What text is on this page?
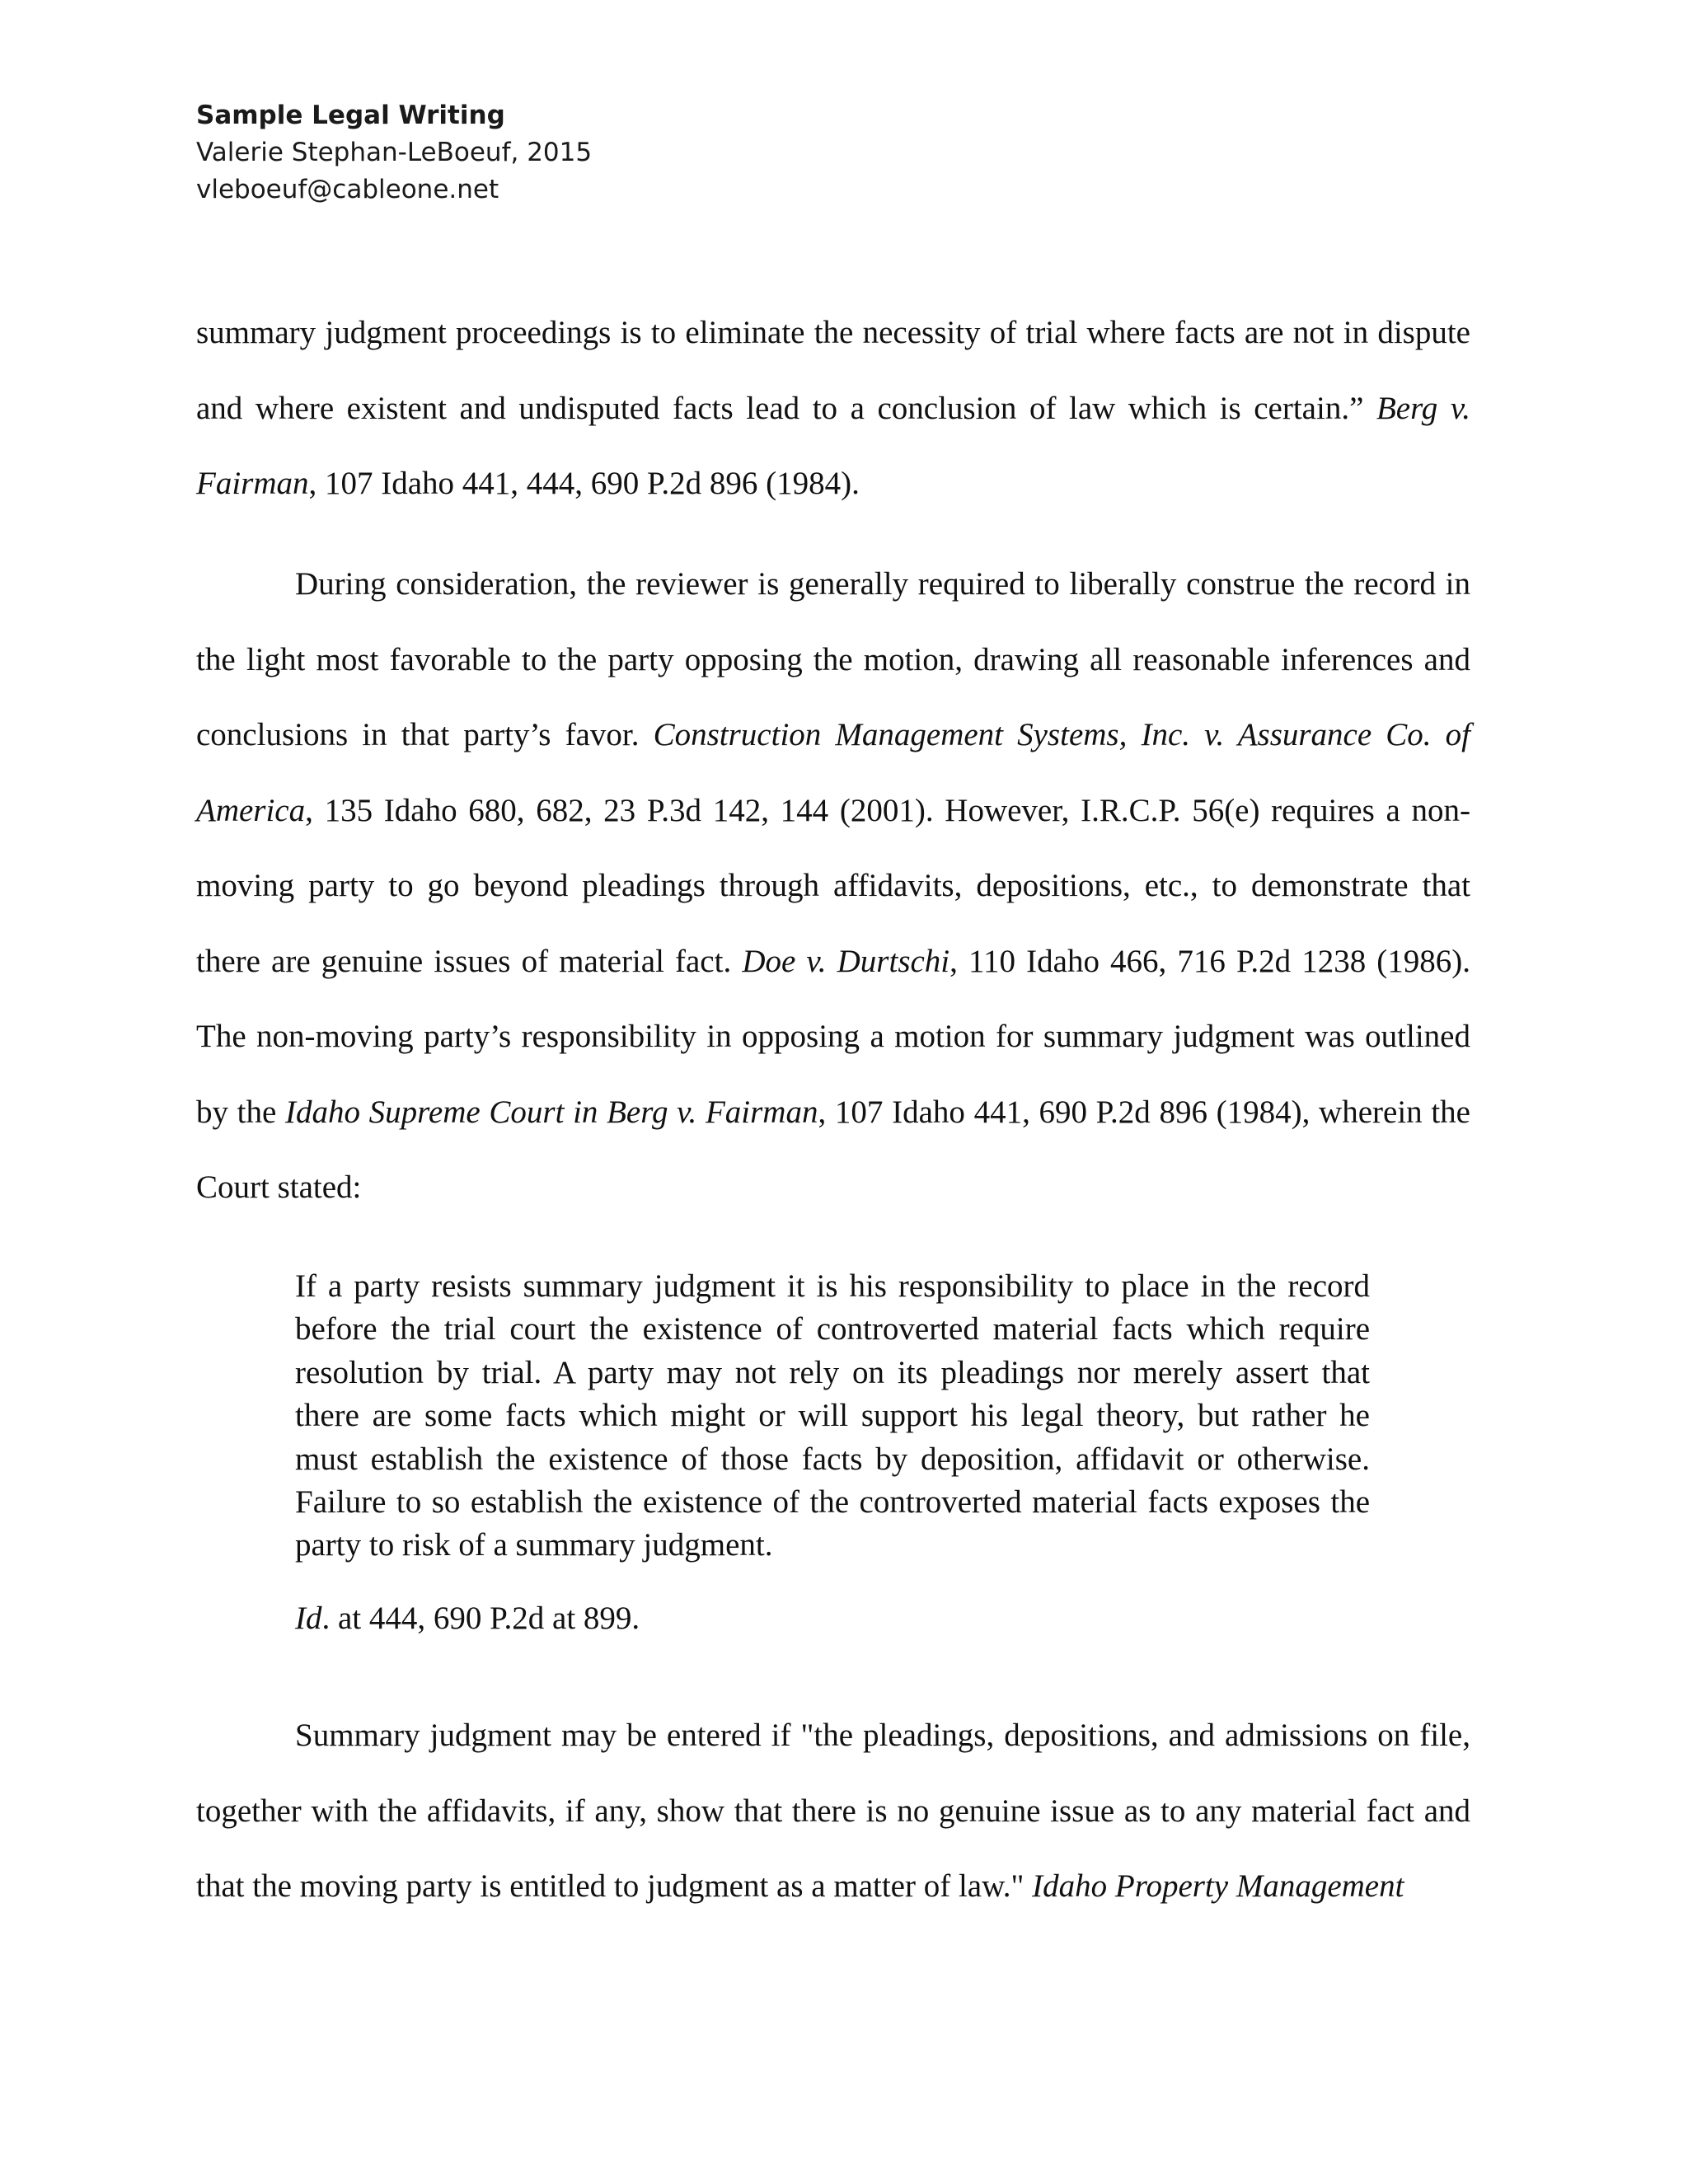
Sample Legal Writing
Valerie Stephan-LeBoeuf, 2015
vleboeuf@cableone.net

summary judgment proceedings is to eliminate the necessity of trial where facts are not in dispute and where existent and undisputed facts lead to a conclusion of law which is certain.” Berg v. Fairman, 107 Idaho 441, 444, 690 P.2d 896 (1984).

During consideration, the reviewer is generally required to liberally construe the record in the light most favorable to the party opposing the motion, drawing all reasonable inferences and conclusions in that party’s favor. Construction Management Systems, Inc. v. Assurance Co. of America, 135 Idaho 680, 682, 23 P.3d 142, 144 (2001). However, I.R.C.P. 56(e) requires a non-moving party to go beyond pleadings through affidavits, depositions, etc., to demonstrate that there are genuine issues of material fact. Doe v. Durtschi, 110 Idaho 466, 716 P.2d 1238 (1986). The non-moving party’s responsibility in opposing a motion for summary judgment was outlined by the Idaho Supreme Court in Berg v. Fairman, 107 Idaho 441, 690 P.2d 896 (1984), wherein the Court stated:

If a party resists summary judgment it is his responsibility to place in the record before the trial court the existence of controverted material facts which require resolution by trial. A party may not rely on its pleadings nor merely assert that there are some facts which might or will support his legal theory, but rather he must establish the existence of those facts by deposition, affidavit or otherwise. Failure to so establish the existence of the controverted material facts exposes the party to risk of a summary judgment.

Id. at 444, 690 P.2d at 899.

Summary judgment may be entered if "the pleadings, depositions, and admissions on file, together with the affidavits, if any, show that there is no genuine issue as to any material fact and that the moving party is entitled to judgment as a matter of law." Idaho Property Management
